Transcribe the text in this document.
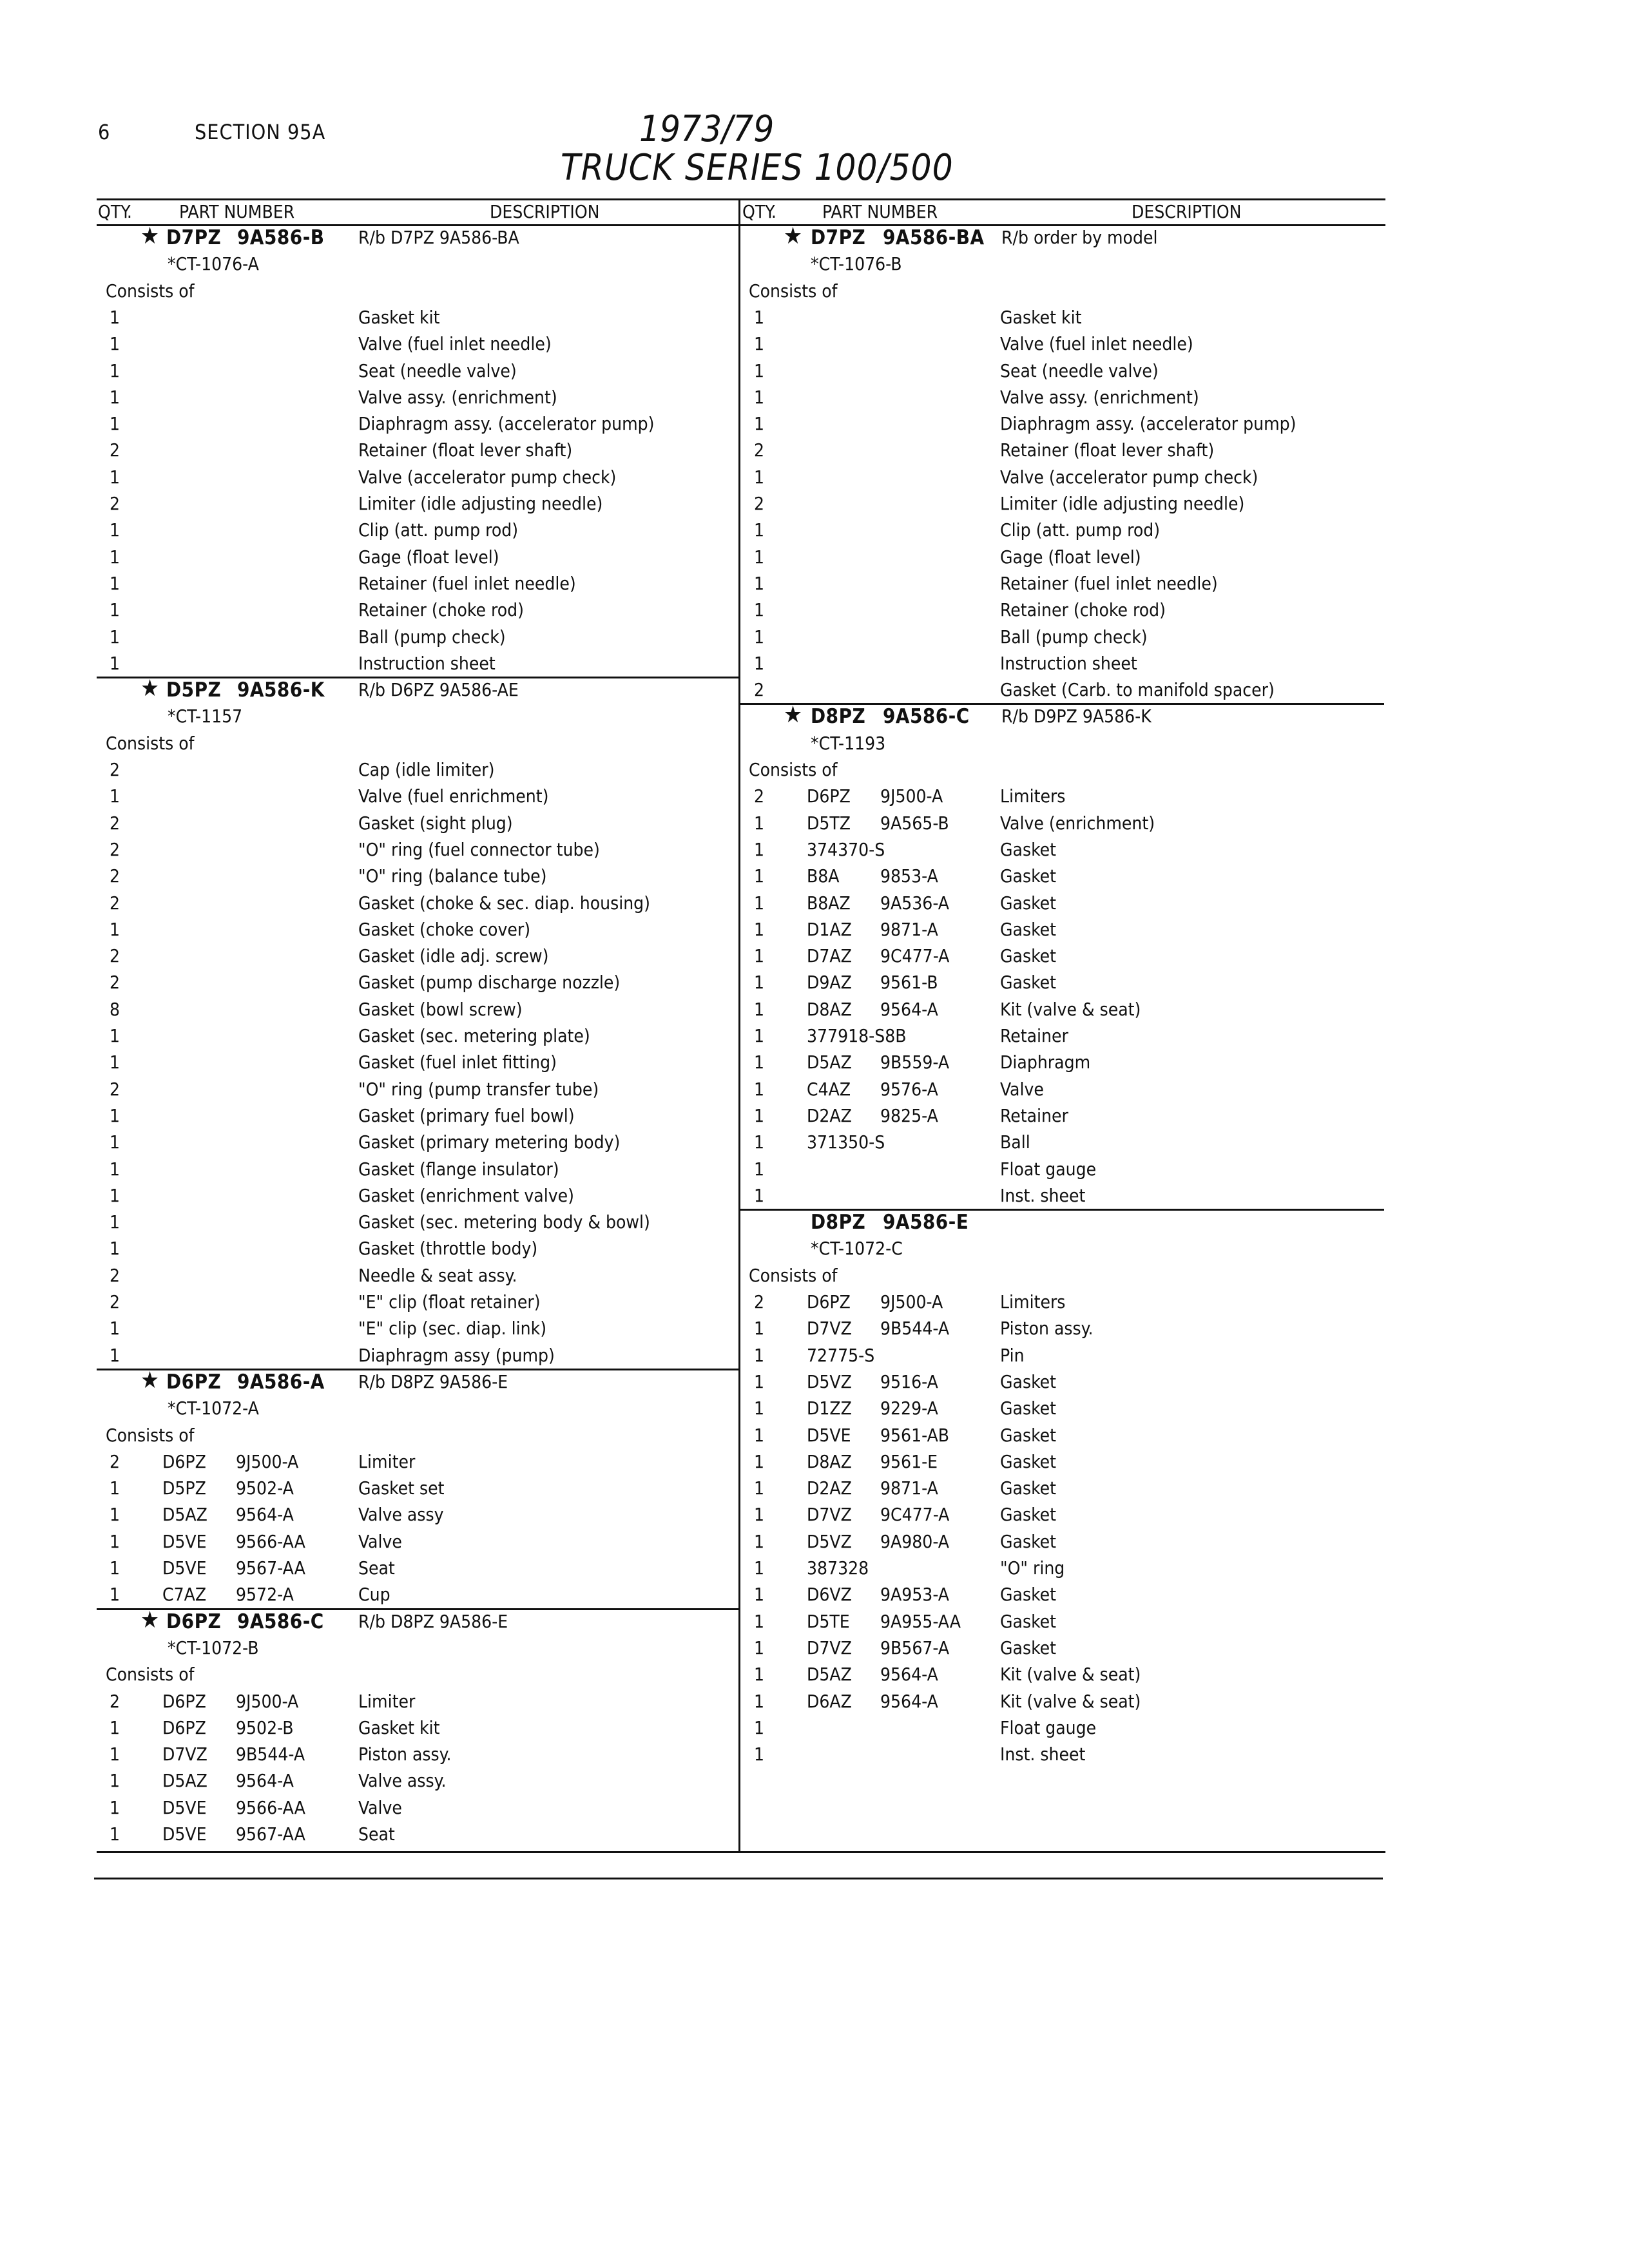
6	SECTION 95A	1973/79
TRUCK SERIES 100/500
QTY.	PART NUMBER	DESCRIPTION	QTY.	PART NUMBER	DESCRIPTION
★ D7PZ 9A586-B R/b D7PZ 9A586-BA
*CT-1076-A
Consists of
1	Gasket kit
1	Valve (fuel inlet needle)
1	Seat (needle valve)
1	Valve assy. (enrichment)
1	Diaphragm assy. (accelerator pump)
2	Retainer (float lever shaft)
1	Valve (accelerator pump check)
2	Limiter (idle adjusting needle)
1	Clip (att. pump rod)
1	Gage (float level)
1	Retainer (fuel inlet needle)
1	Retainer (choke rod)
1	Ball (pump check)
1	Instruction sheet
★ D5PZ 9A586-K R/b D6PZ 9A586-AE
*CT-1157
Consists of
2	Cap (idle limiter)
1	Valve (fuel enrichment)
2	Gasket (sight plug)
2	"O" ring (fuel connector tube)
2	"O" ring (balance tube)
2	Gasket (choke & sec. diap. housing)
1	Gasket (choke cover)
2	Gasket (idle adj. screw)
2	Gasket (pump discharge nozzle)
8	Gasket (bowl screw)
1	Gasket (sec. metering plate)
1	Gasket (fuel inlet fitting)
2	"O" ring (pump transfer tube)
1	Gasket (primary fuel bowl)
1	Gasket (primary metering body)
1	Gasket (flange insulator)
1	Gasket (enrichment valve)
1	Gasket (sec. metering body & bowl)
1	Gasket (throttle body)
2	Needle & seat assy.
2	"E" clip (float retainer)
1	"E" clip (sec. diap. link)
1	Diaphragm assy (pump)
★ D6PZ 9A586-A R/b D8PZ 9A586-E
*CT-1072-A
Consists of
2 D6PZ 9J500-A	Limiter
1 D5PZ 9502-A	Gasket set
1 D5AZ 9564-A	Valve assy
1 D5VE 9566-AA	Valve
1 D5VE 9567-AA	Seat
1 C7AZ 9572-A	Cup
★ D6PZ 9A586-C R/b D8PZ 9A586-E
*CT-1072-B
Consists of
2 D6PZ 9J500-A	Limiter
1 D6PZ 9502-B	Gasket kit
1 D7VZ 9B544-A	Piston assy.
1 D5AZ 9564-A	Valve assy.
1 D5VE 9566-AA	Valve
1 D5VE 9567-AA	Seat
★ D7PZ 9A586-BA R/b order by model
*CT-1076-B
Consists of
1	Gasket kit
1	Valve (fuel inlet needle)
1	Seat (needle valve)
1	Valve assy. (enrichment)
1	Diaphragm assy. (accelerator pump)
2	Retainer (float lever shaft)
1	Valve (accelerator pump check)
2	Limiter (idle adjusting needle)
1	Clip (att. pump rod)
1	Gage (float level)
1	Retainer (fuel inlet needle)
1	Retainer (choke rod)
1	Ball (pump check)
1	Instruction sheet
2	Gasket (Carb. to manifold spacer)
★ D8PZ 9A586-C R/b D9PZ 9A586-K
*CT-1193
Consists of
2 D6PZ 9J500-A	Limiters
1 D5TZ 9A565-B	Valve (enrichment)
1 374370-S	Gasket
1 B8A 9853-A	Gasket
1 B8AZ 9A536-A	Gasket
1 D1AZ 9871-A	Gasket
1 D7AZ 9C477-A	Gasket
1 D9AZ 9561-B	Gasket
1 D8AZ 9564-A	Kit (valve & seat)
1 377918-S8B	Retainer
1 D5AZ 9B559-A	Diaphragm
1 C4AZ 9576-A	Valve
1 D2AZ 9825-A	Retainer
1 371350-S	Ball
1	Float gauge
1	Inst. sheet
D8PZ 9A586-E
*CT-1072-C
Consists of
2 D6PZ 9J500-A	Limiters
1 D7VZ 9B544-A	Piston assy.
1 72775-S	Pin
1 D5VZ 9516-A	Gasket
1 D1ZZ 9229-A	Gasket
1 D5VE 9561-AB	Gasket
1 D8AZ 9561-E	Gasket
1 D2AZ 9871-A	Gasket
1 D7VZ 9C477-A	Gasket
1 D5VZ 9A980-A	Gasket
1 387328	"O" ring
1 D6VZ 9A953-A	Gasket
1 D5TE 9A955-AA Gasket
1 D7VZ 9B567-A	Gasket
1 D5AZ 9564-A	Kit (valve & seat)
1 D6AZ 9564-A	Kit (valve & seat)
1	Float gauge
1	Inst. sheet
